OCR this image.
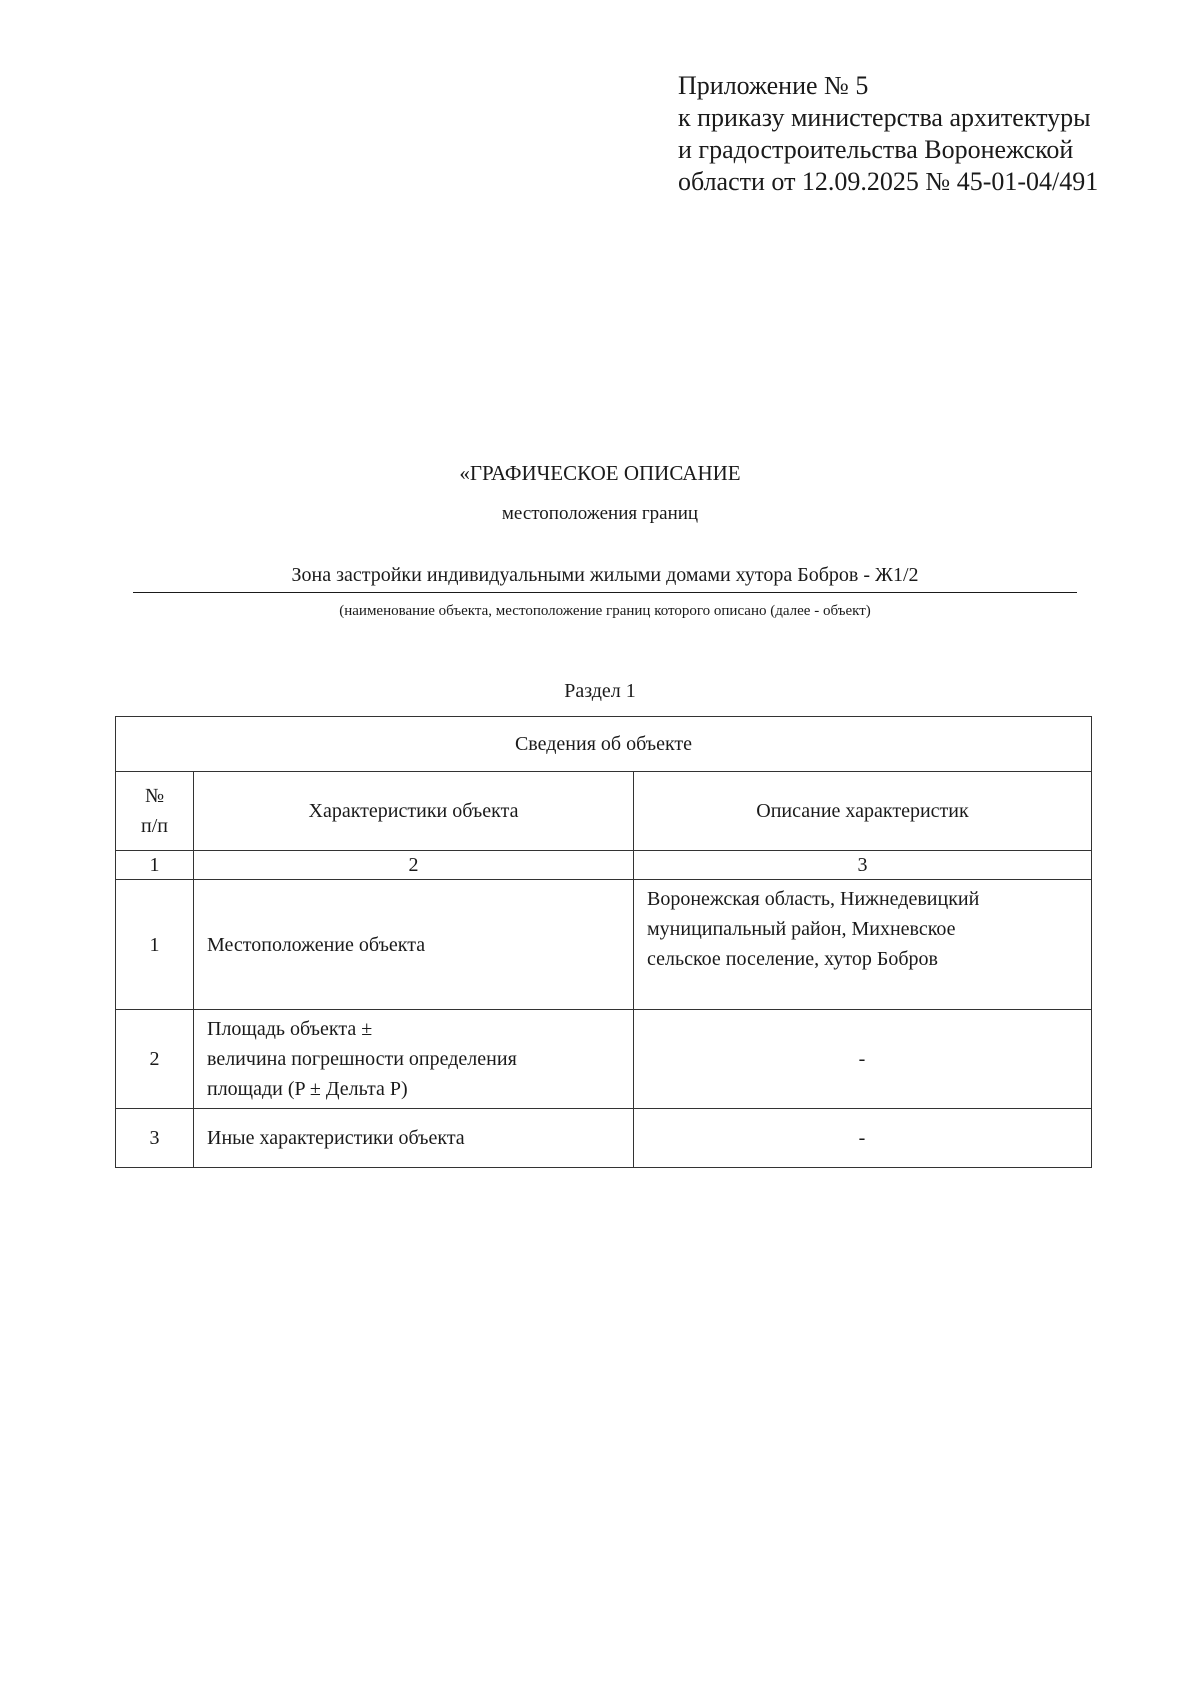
Приложение № 5
к приказу министерства архитектуры
и градостроительства Воронежской
области от 12.09.2025 № 45-01-04/491
«ГРАФИЧЕСКОЕ ОПИСАНИЕ
местоположения границ
Зона застройки индивидуальными жилыми домами хутора Бобров - Ж1/2
(наименование объекта, местоположение границ которого описано (далее - объект)
Раздел 1
Сведения об объекте		

№
п/п	Характеристики объекта	Описание характеристик
1	2	3
1	Местоположение объекта	Воронежская область, Нижнедевицкий
муниципальный район, Михневское
сельское поселение, хутор Бобров

2	Площадь объекта ±
величина погрешности определения
площади (P ± Дельта P)	-
3	Иные характеристики объекта	-
